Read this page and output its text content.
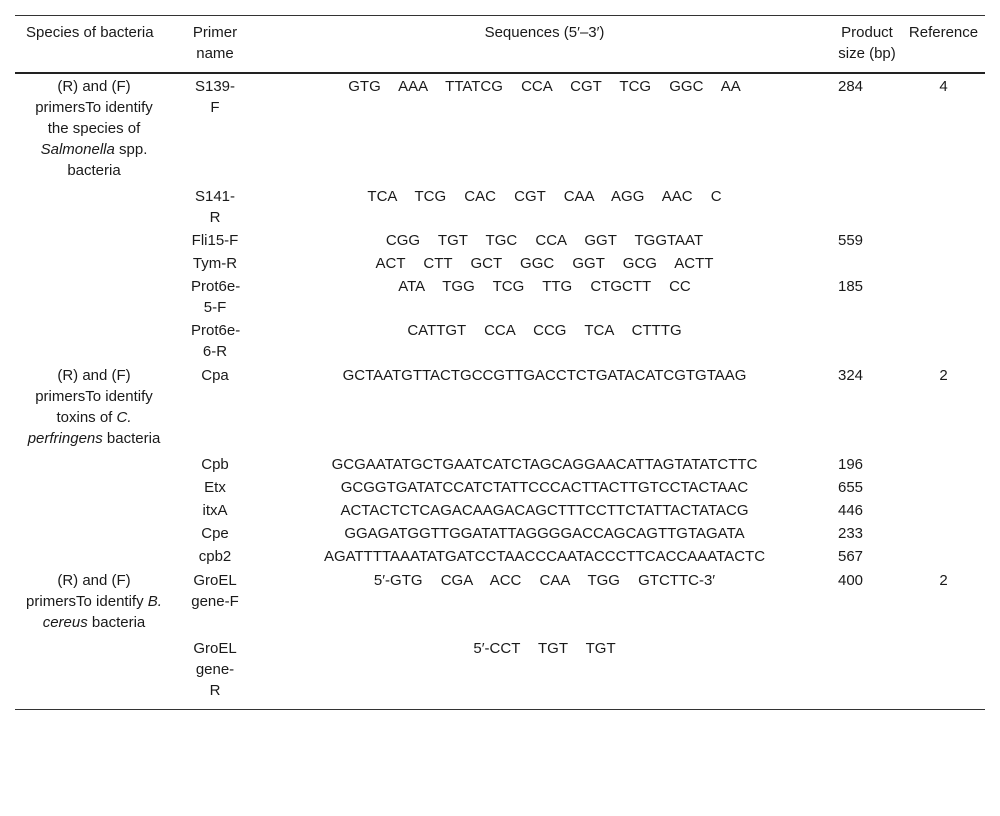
Species of bacteria	Primer name	Sequences (5′–3′)	Product size (bp)	Reference
(R) and (F) primersTo identify the species of Salmonella spp. bacteria	S139-F	GTG AAA TTATCG CCA CGT TCG GGC AA	284	4
	S141-R	TCA TCG CAC CGT CAA AGG AAC C		
	Fli15-F	CGG TGT TGC CCA GGT TGGTAAT	559	
	Tym-R	ACT CTT GCT GGC GGT GCG ACTT		
	Prot6e-5-F	ATA TGG TCG TTG CTGCTT CC	185	
	Prot6e-6-R	CATTGT CCA CCG TCA CTTTG		
(R) and (F) primersTo identify toxins of C. perfringens bacteria	Cpa	GCTAATGTTACTGCCGTTGACCTCTGATACATCGTGTAAG	324	2
	Cpb	GCGAATATGCTGAATCATCTAGCAGGAACATTAGTATATCTTC	196	
	Etx	GCGGTGATATCCATCTATTCCCACTTACTTGTCCTACTAAC	655	
	itxA	ACTACTCTCAGACAAGACAGCTTTCCTTCTATTACTATACG	446	
	Cpe	GGAGATGGTTGGATATTAGGGGACCAGCAGTTGTAGATA	233	
	cpb2	AGATTTTAAATATGATCCTAACCCAATACCCTTCACCAAATACTC	567	
(R) and (F) primersTo identify B. cereus bacteria	GroEL gene-F	5′-GTG CGA ACC CAA TGG GTCTTC-3′	400	2
	GroEL gene-R	5′-CCT TGT TGT		
